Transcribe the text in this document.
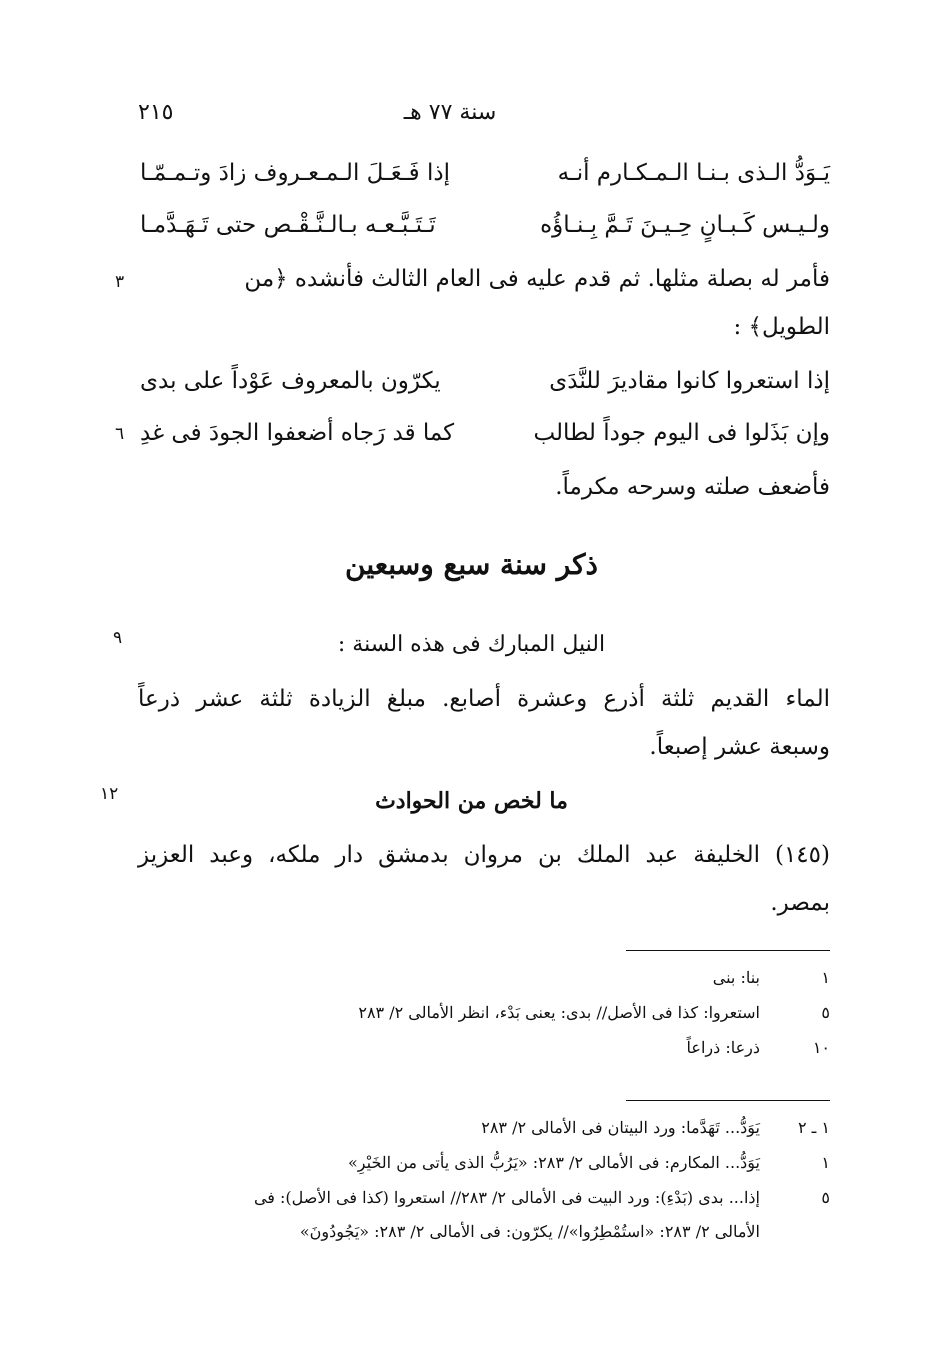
٢١٥	سنة ٧٧ هـ
يَـوَدُّ الـذى بـنـا الـمـكـارم أنـه
إذا فَـعَـلَ الـمـعـروف زادَ وتـمـمّـا
ولـيـس كَـبـانٍ حِـيـنَ تَـمَّ بِـنـاؤُه
تَـتَـبَّـعـه بـالـنَّـقْـص حتى تَـهَـدَّمـا
فأمر له بصلة مثلها. ثم قدم عليه فى العام الثالث فأنشده ﴿من
الطويل﴾ :
٣
إذا استعروا كانوا مقاديرَ للنَّدَى
يكرّون بالمعروف عَوْداً على بدى
وإن بَذَلوا فى اليوم جوداً لطالب
كما قد رَجاه أضعفوا الجودَ فى غدِ
٦
فأضعف صلته وسرحه مكرماً.
ذكر سنة سبع وسبعين
النيل المبارك فى هذه السنة :
٩
الماء القديم ثلثة أذرع وعشرة أصابع. مبلغ الزيادة ثلثة عشر ذرعاً
وسبعة عشر إصبعاً.
ما لخص من الحوادث
١٢
(١٤٥) الخليفة عبد الملك بن مروان بدمشق دار ملكه، وعبد العزيز
بمصر.
١
بنا: بنى
٥
استعروا: كذا فى الأصل// بدى: يعنى بَدْء، انظر الأمالى ٢/ ٢٨٣
١٠
ذرعا: ذراعاً
١ ـ ٢
يَوَدُّ... تَهَدَّما: ورد البيتان فى الأمالى ٢/ ٢٨٣
١
يَوَدُّ... المكارم: فى الأمالى ٢/ ٢٨٣: «يَرُبُّ الذى يأتى من الخَيْرِ»
٥
إذا... بدى (بَدْءِ): ورد البيت فى الأمالى ٢/ ٢٨٣// استعروا (كذا فى الأصل): فى
الأمالى ٢/ ٢٨٣: «استُمْطِرُوا»// يكرّون: فى الأمالى ٢/ ٢٨٣: «يَجُودُونَ»
